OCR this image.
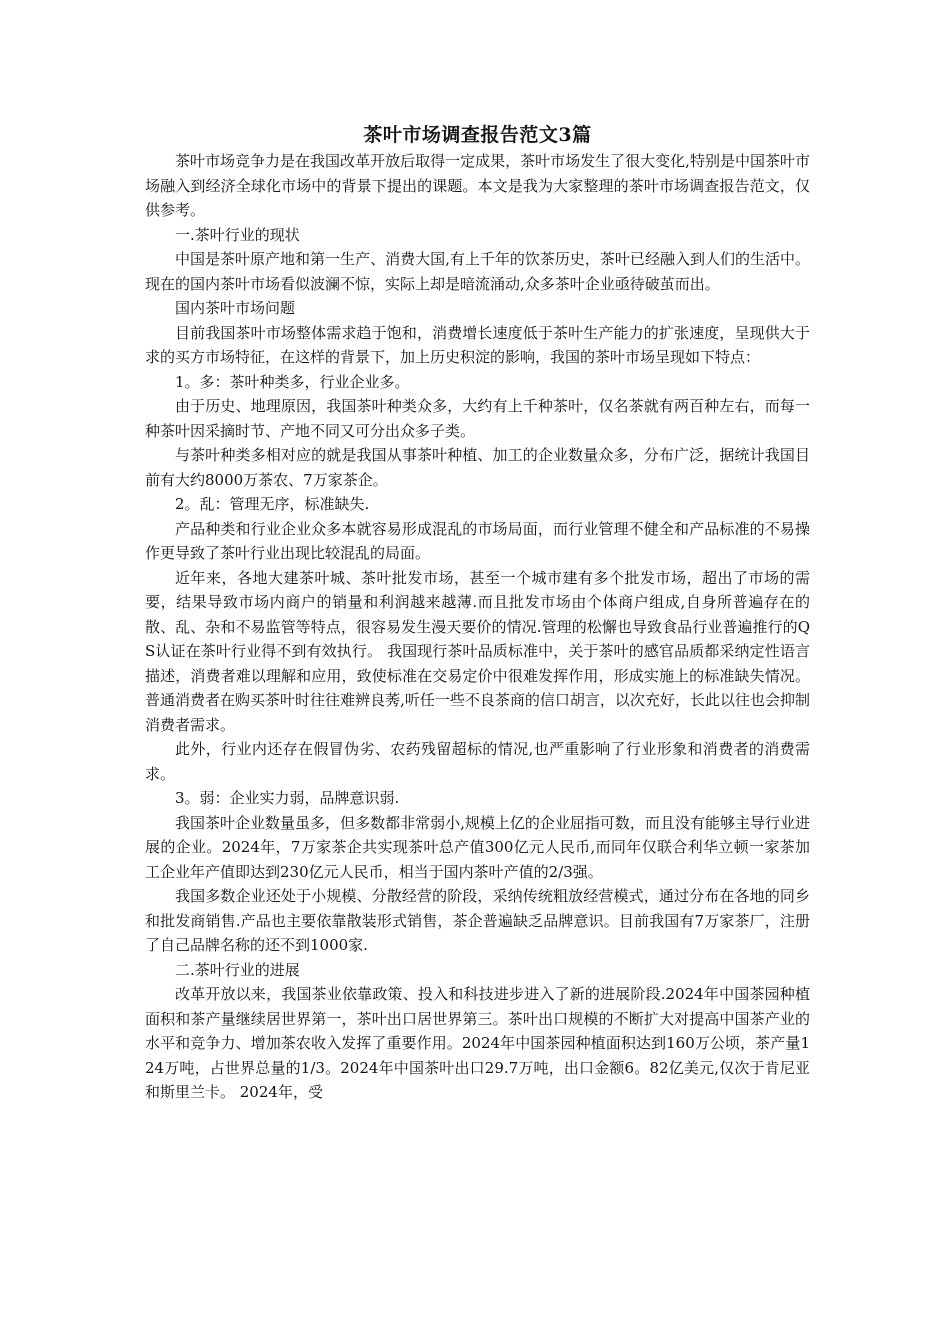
茶叶市场调查报告范文3篇

茶叶市场竞争力是在我国改革开放后取得一定成果，茶叶市场发生了很大变化,特别是中国茶叶市场融入到经济全球化市场中的背景下提出的课题。本文是我为大家整理的茶叶市场调查报告范文，仅供参考。

一.茶叶行业的现状

中国是茶叶原产地和第一生产、消费大国,有上千年的饮茶历史，茶叶已经融入到人们的生活中。现在的国内茶叶市场看似波澜不惊，实际上却是暗流涌动,众多茶叶企业亟待破茧而出。

国内茶叶市场问题

目前我国茶叶市场整体需求趋于饱和，消费增长速度低于茶叶生产能力的扩张速度，呈现供大于求的买方市场特征，在这样的背景下，加上历史积淀的影响，我国的茶叶市场呈现如下特点：

1。多：茶叶种类多，行业企业多。

由于历史、地理原因，我国茶叶种类众多，大约有上千种茶叶，仅名茶就有两百种左右，而每一种茶叶因采摘时节、产地不同又可分出众多子类。

与茶叶种类多相对应的就是我国从事茶叶种植、加工的企业数量众多，分布广泛，据统计我国目前有大约8000万茶农、7万家茶企。

2。乱：管理无序，标准缺失.

产品种类和行业企业众多本就容易形成混乱的市场局面，而行业管理不健全和产品标准的不易操作更导致了茶叶行业出现比较混乱的局面。

近年来，各地大建茶叶城、茶叶批发市场，甚至一个城市建有多个批发市场，超出了市场的需要，结果导致市场内商户的销量和利润越来越薄.而且批发市场由个体商户组成,自身所普遍存在的散、乱、杂和不易监管等特点，很容易发生漫天要价的情况.管理的松懈也导致食品行业普遍推行的QS认证在茶叶行业得不到有效执行。 我国现行茶叶品质标准中，关于茶叶的感官品质都采纳定性语言描述，消费者难以理解和应用，致使标准在交易定价中很难发挥作用，形成实施上的标准缺失情况。普通消费者在购买茶叶时往往难辨良莠,听任一些不良茶商的信口胡言，以次充好，长此以往也会抑制消费者需求。

此外，行业内还存在假冒伪劣、农药残留超标的情况,也严重影响了行业形象和消费者的消费需求。

3。弱：企业实力弱，品牌意识弱.

我国茶叶企业数量虽多，但多数都非常弱小,规模上亿的企业屈指可数，而且没有能够主导行业进展的企业。2024年，7万家茶企共实现茶叶总产值300亿元人民币,而同年仅联合利华立顿一家茶加工企业年产值即达到230亿元人民币，相当于国内茶叶产值的2/3强。

我国多数企业还处于小规模、分散经营的阶段，采纳传统粗放经营模式，通过分布在各地的同乡和批发商销售.产品也主要依靠散装形式销售，茶企普遍缺乏品牌意识。目前我国有7万家茶厂，注册了自己品牌名称的还不到1000家.

二.茶叶行业的进展

改革开放以来，我国茶业依靠政策、投入和科技进步进入了新的进展阶段.2024年中国茶园种植面积和茶产量继续居世界第一，茶叶出口居世界第三。茶叶出口规模的不断扩大对提高中国茶产业的水平和竞争力、增加茶农收入发挥了重要作用。2024年中国茶园种植面积达到160万公顷，茶产量124万吨，占世界总量的1/3。2024年中国茶叶出口29.7万吨，出口金额6。82亿美元,仅次于肯尼亚和斯里兰卡。 2024年，受
